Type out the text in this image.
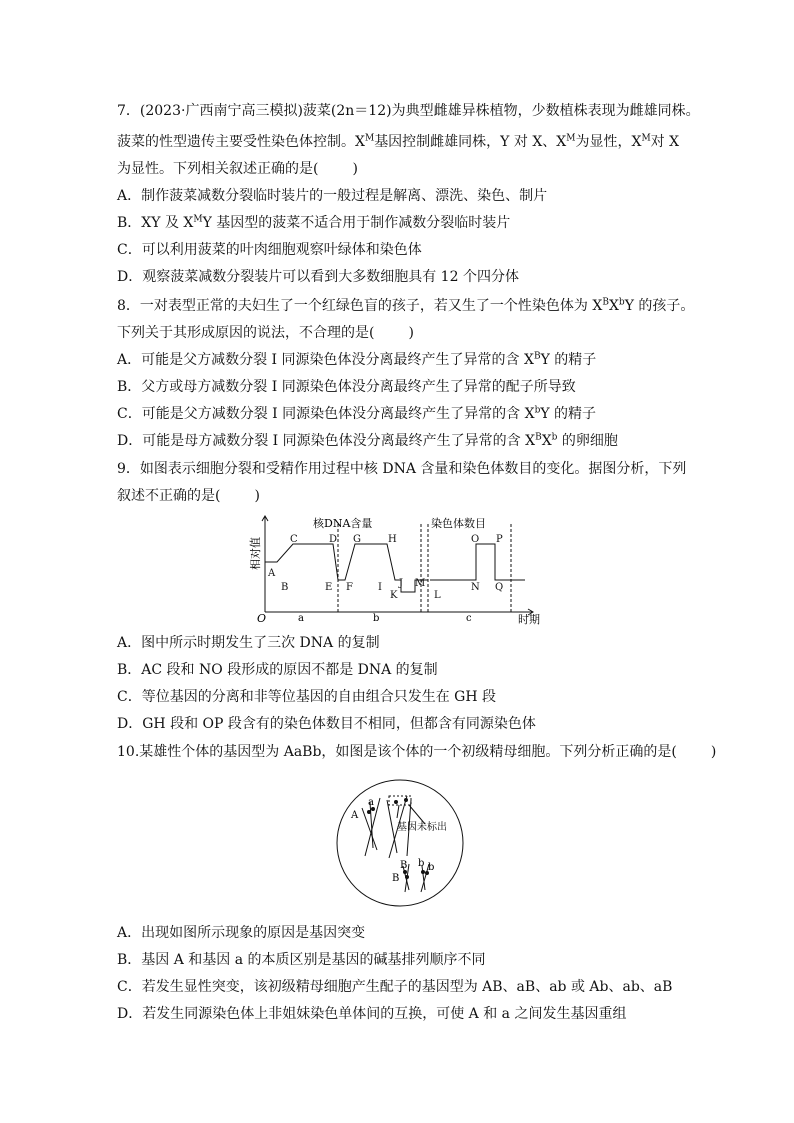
7．(2023·广西南宁高三模拟)菠菜(2n＝12)为典型雌雄异株植物，少数植株表现为雌雄同株。
菠菜的性型遗传主要受性染色体控制。$X^M$基因控制雌雄同株，Y 对 X、$X^M$为显性，$X^M$对 X
为显性。下列相关叙述正确的是( )
A．制作菠菜减数分裂临时装片的一般过程是解离、漂洗、染色、制片
B．XY 及 $X^MY$ 基因型的菠菜不适合用于制作减数分裂临时装片
C．可以利用菠菜的叶肉细胞观察叶绿体和染色体
D．观察菠菜减数分裂装片可以看到大多数细胞具有 12 个四分体
8．一对表型正常的夫妇生了一个红绿色盲的孩子，若又生了一个性染色体为 $X^BX^bY$ 的孩子。
下列关于其形成原因的说法，不合理的是( )
A．可能是父方减数分裂 Ⅰ 同源染色体没分离最终产生了异常的含 $X^BY$ 的精子
B．父方或母方减数分裂 Ⅰ 同源染色体没分离最终产生了异常的配子所导致
C．可能是父方减数分裂 Ⅰ 同源染色体没分离最终产生了异常的含 $X^bY$ 的精子
D．可能是母方减数分裂 Ⅰ 同源染色体没分离最终产生了异常的含 $X^BX^b$ 的卵细胞
9．如图表示细胞分裂和受精作用过程中核 DNA 含量和染色体数目的变化。据图分析，下列
叙述不正确的是( )
相对值
O	时期
核DNA含量	染色体数目
a	b	c
A
B
C	D
E F
G	H
I J
K
M
L
N
O P
Q
A．图中所示时期发生了三次 DNA 的复制
B．AC 段和 NO 段形成的原因不都是 DNA 的复制
C．等位基因的分离和非等位基因的自由组合只发生在 GH 段
D．GH 段和 OP 段含有的染色体数目不相同，但都含有同源染色体
10.某雄性个体的基因型为 AaBb，如图是该个体的一个初级精母细胞。下列分析正确的是( )
A
a
B
B
b b
基因未标出
A．出现如图所示现象的原因是基因突变
B．基因 A 和基因 a 的本质区别是基因的碱基排列顺序不同
C．若发生显性突变，该初级精母细胞产生配子的基因型为 AB、aB、ab 或 Ab、ab、aB
D．若发生同源染色体上非姐妹染色单体间的互换，可使 A 和 a 之间发生基因重组
